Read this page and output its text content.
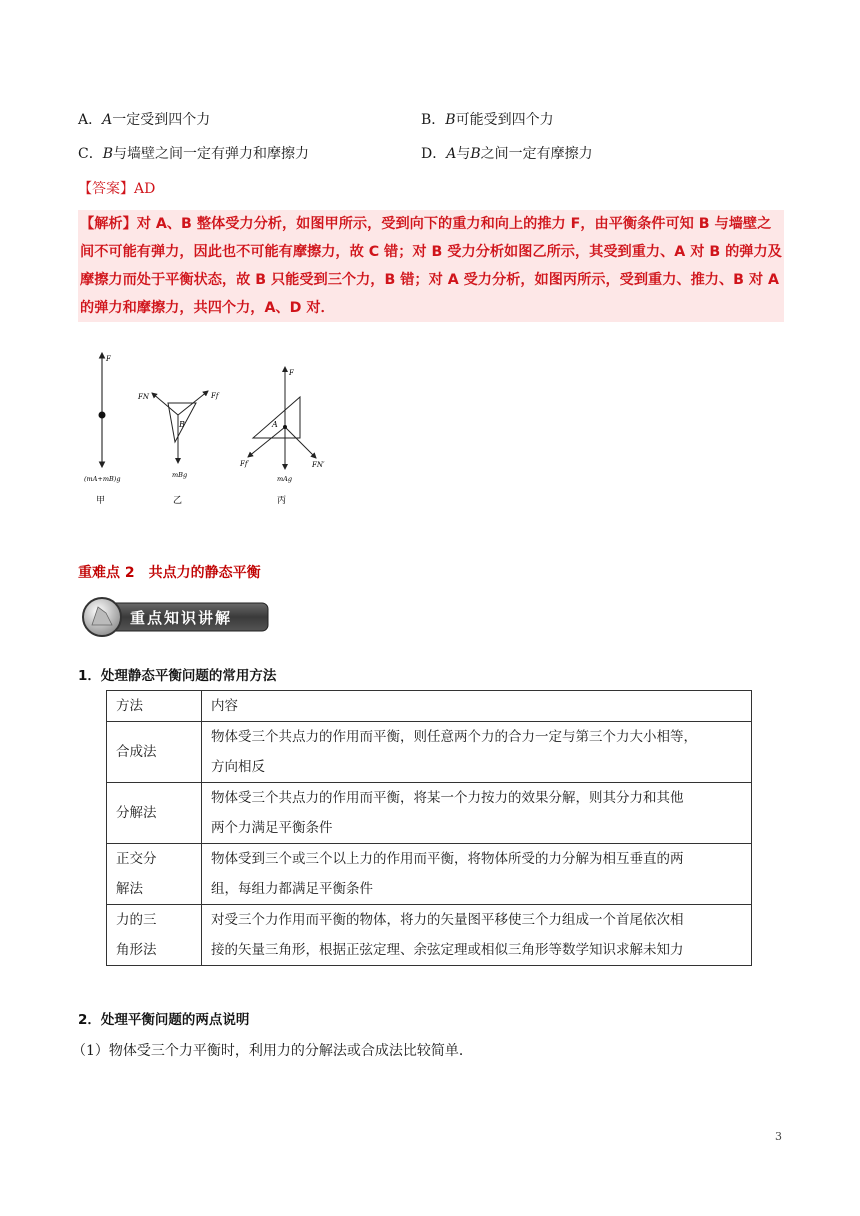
A．A一定受到四个力	B．B可能受到四个力
C．B与墙壁之间一定有弹力和摩擦力	D．A与B之间一定有摩擦力
【答案】AD
【解析】对 A、B 整体受力分析，如图甲所示，受到向下的重力和向上的推力 F，由平衡条件可知 B 与墙壁之间不可能有弹力，因此也不可能有摩擦力，故 C 错；对 B 受力分析如图乙所示，其受到重力、A 对 B 的弹力及摩擦力而处于平衡状态，故 B 只能受到三个力，B 错；对 A 受力分析，如图丙所示，受到重力、推力、B 对 A 的弹力和摩擦力，共四个力，A、D 对．
F
(mA+mB)g
甲
FN	Ff
B
mBg
乙
F
A
Ff′	FN′
mAg
丙
重难点 2　共点力的静态平衡
重点知识讲解
1．处理静态平衡问题的常用方法
方法	内容
合成法	物体受三个共点力的作用而平衡，则任意两个力的合力一定与第三个力大小相等，
方向相反
分解法	物体受三个共点力的作用而平衡，将某一个力按力的效果分解，则其分力和其他
两个力满足平衡条件
正交分
解法	物体受到三个或三个以上力的作用而平衡，将物体所受的力分解为相互垂直的两
组，每组力都满足平衡条件
力的三
角形法	对受三个力作用而平衡的物体，将力的矢量图平移使三个力组成一个首尾依次相
接的矢量三角形，根据正弦定理、余弦定理或相似三角形等数学知识求解未知力
2．处理平衡问题的两点说明
（1）物体受三个力平衡时，利用力的分解法或合成法比较简单．
3
